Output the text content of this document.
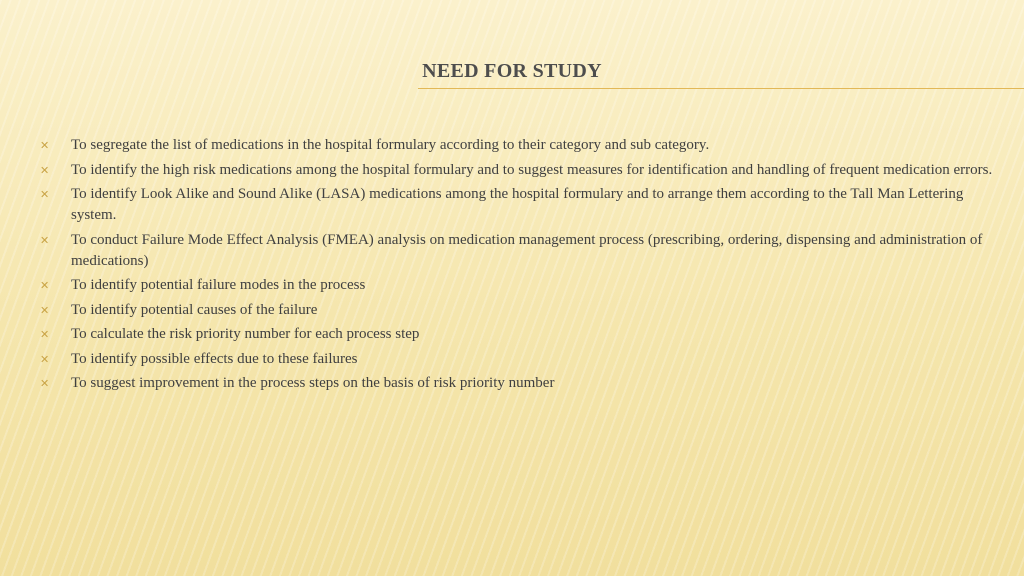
NEED FOR STUDY
✕	To segregate the list of medications in the hospital formulary according to their category and sub category.
✕	To identify the high risk medications among the hospital formulary and to suggest measures for identification and handling of frequent medication errors.
✕	To identify Look Alike and Sound Alike (LASA) medications among the hospital formulary and to arrange them according to the Tall Man Lettering system.
✕	To conduct Failure Mode Effect Analysis (FMEA) analysis on medication management process (prescribing, ordering, dispensing and administration of medications)
✕	To identify potential failure modes in the process
✕	To identify potential causes of the failure
✕	To calculate the risk priority number for each process step
✕	To identify possible effects due to these failures
✕	To suggest improvement in the process steps on the basis of risk priority number
